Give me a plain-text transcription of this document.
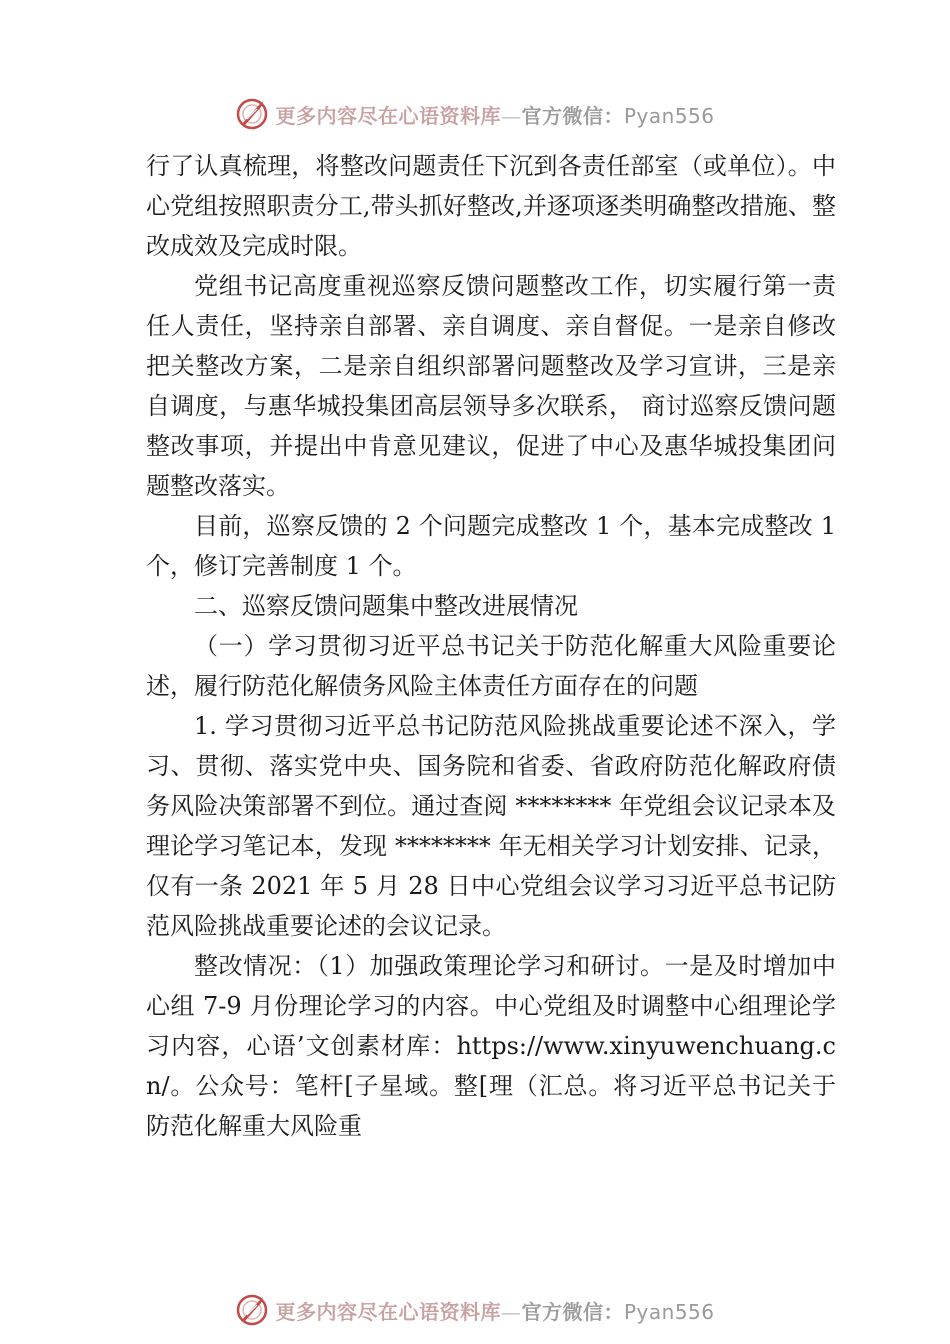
更多内容尽在心语资料库—官方微信：Pyan556

行了认真梳理，将整改问题责任下沉到各责任部室（或单位）。中心党组按照职责分工,带头抓好整改,并逐项逐类明确整改措施、整改成效及完成时限。

党组书记高度重视巡察反馈问题整改工作，切实履行第一责任人责任，坚持亲自部署、亲自调度、亲自督促。一是亲自修改把关整改方案，二是亲自组织部署问题整改及学习宣讲，三是亲自调度，与惠华城投集团高层领导多次联系， 商讨巡察反馈问题整改事项，并提出中肯意见建议，促进了中心及惠华城投集团问题整改落实。

目前，巡察反馈的 2 个问题完成整改 1 个，基本完成整改 1 个，修订完善制度 1 个。

二、巡察反馈问题集中整改进展情况

（一）学习贯彻习近平总书记关于防范化解重大风险重要论述，履行防范化解债务风险主体责任方面存在的问题

1. 学习贯彻习近平总书记防范风险挑战重要论述不深入，学习、贯彻、落实党中央、国务院和省委、省政府防范化解政府债务风险决策部署不到位。通过查阅 ******** 年党组会议记录本及理论学习笔记本，发现 ******** 年无相关学习计划安排、记录，仅有一条 2021 年 5 月 28 日中心党组会议学习习近平总书记防范风险挑战重要论述的会议记录。

整改情况：（1）加强政策理论学习和研讨。一是及时增加中心组 7-9 月份理论学习的内容。中心党组及时调整中心组理论学习内容，心语’文创素材库：https://www.xinyuwenchuang.cn/。公众号：笔杆[子星域。整[理（汇总。将习近平总书记关于防范化解重大风险重

更多内容尽在心语资料库—官方微信：Pyan556
